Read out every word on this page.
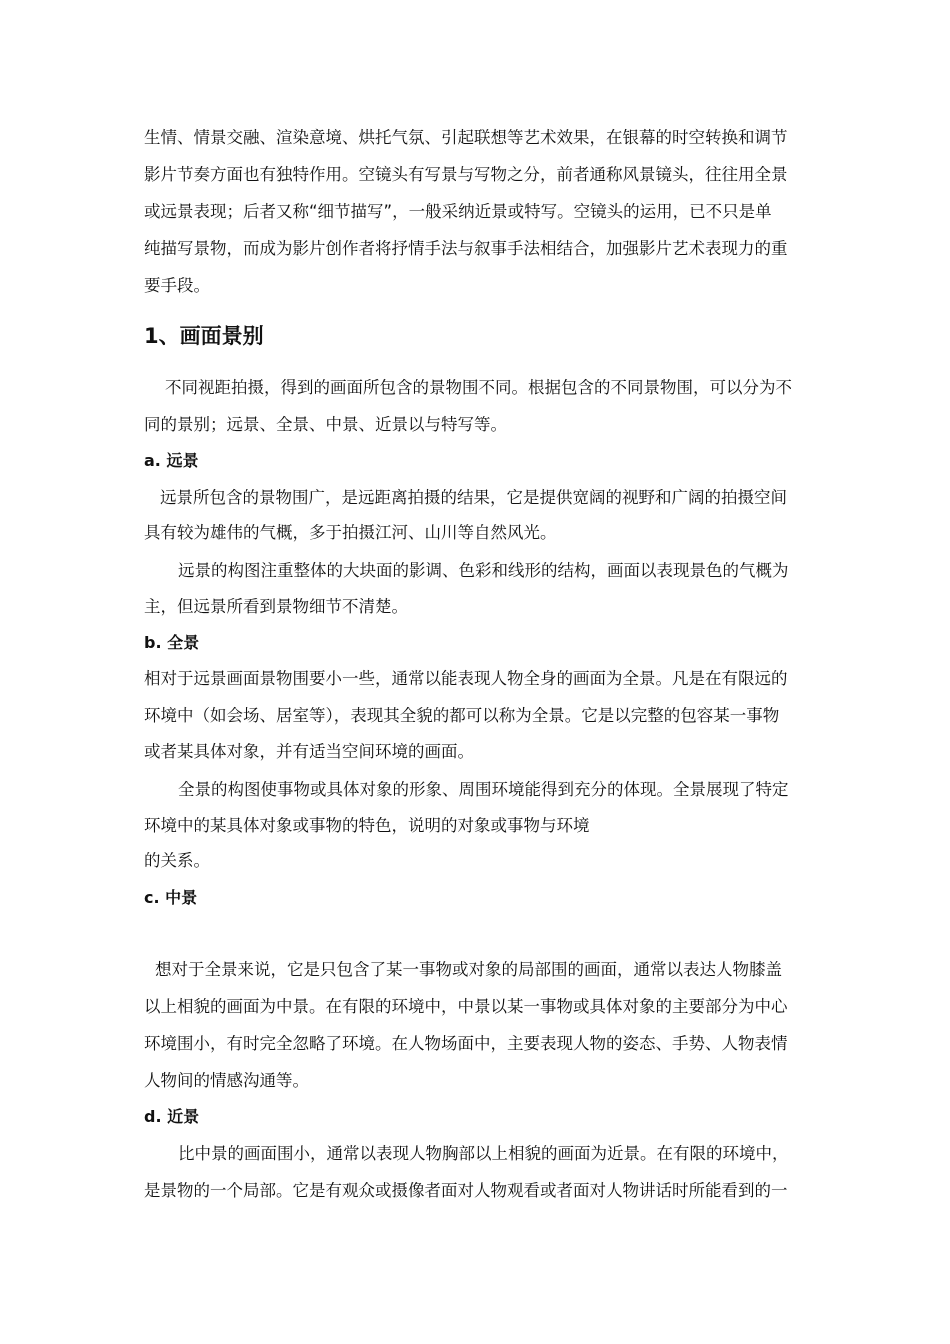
生情、情景交融、渲染意境、烘托气氛、引起联想等艺术效果，在银幕的时空转换和调节
影片节奏方面也有独特作用。空镜头有写景与写物之分，前者通称风景镜头，往往用全景
或远景表现；后者又称“细节描写”，一般采纳近景或特写。空镜头的运用，已不只是单
纯描写景物，而成为影片创作者将抒情手法与叙事手法相结合，加强影片艺术表现力的重
要手段。
1、画面景别
不同视距拍摄，得到的画面所包含的景物围不同。根据包含的不同景物围，可以分为不
同的景别；远景、全景、中景、近景以与特写等。
a. 远景
远景所包含的景物围广，是远距离拍摄的结果，它是提供宽阔的视野和广阔的拍摄空间
具有较为雄伟的气概，多于拍摄江河、山川等自然风光。
远景的构图注重整体的大块面的影调、色彩和线形的结构，画面以表现景色的气概为
主，但远景所看到景物细节不清楚。
b. 全景
相对于远景画面景物围要小一些，通常以能表现人物全身的画面为全景。凡是在有限远的
环境中（如会场、居室等），表现其全貌的都可以称为全景。它是以完整的包容某一事物
或者某具体对象，并有适当空间环境的画面。
全景的构图使事物或具体对象的形象、周围环境能得到充分的体现。全景展现了特定
环境中的某具体对象或事物的特色，说明的对象或事物与环境
的关系。
c. 中景
想对于全景来说，它是只包含了某一事物或对象的局部围的画面，通常以表达人物膝盖
以上相貌的画面为中景。在有限的环境中，中景以某一事物或具体对象的主要部分为中心
环境围小，有时完全忽略了环境。在人物场面中，主要表现人物的姿态、手势、人物表情
人物间的情感沟通等。
d. 近景
比中景的画面围小，通常以表现人物胸部以上相貌的画面为近景。在有限的环境中，
是景物的一个局部。它是有观众或摄像者面对人物观看或者面对人物讲话时所能看到的一
